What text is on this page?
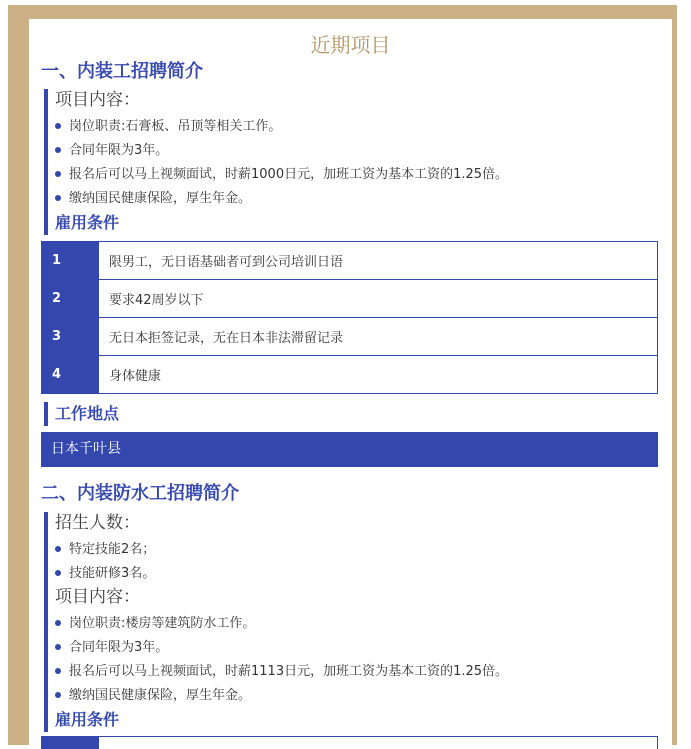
近期项目
一、内装工招聘简介
项目内容：
岗位职责:石膏板、吊顶等相关工作。
合同年限为3年。
报名后可以马上视频面试，时薪1000日元，加班工资为基本工资的1.25倍。
缴纳国民健康保险，厚生年金。
雇用条件
1	限男工，无日语基础者可到公司培训日语
2	要求42周岁以下
3	无日本拒签记录，无在日本非法滞留记录
4	身体健康
工作地点
日本千叶县
二、内装防水工招聘简介
招生人数：
特定技能2名；
技能研修3名。
项目内容：
岗位职责:楼房等建筑防水工作。
合同年限为3年。
报名后可以马上视频面试，时薪1113日元，加班工资为基本工资的1.25倍。
缴纳国民健康保险，厚生年金。
雇用条件
